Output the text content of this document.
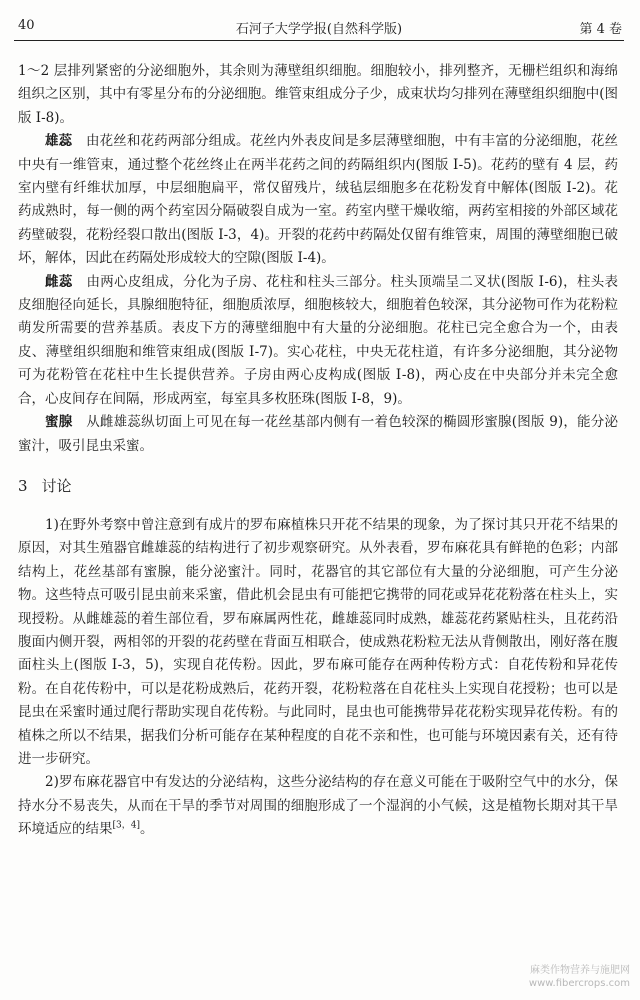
40	石河子大学学报(自然科学版)	第 4 卷

1～2 层排列紧密的分泌细胞外，其余则为薄壁组织细胞。细胞较小，排列整齐，无栅栏组织和海绵组织之区别，其中有零星分布的分泌细胞。维管束组成分子少，成束状均匀排列在薄壁组织细胞中(图版 Ⅰ-8)。

雄蕊　由花丝和花药两部分组成。花丝内外表皮间是多层薄壁细胞，中有丰富的分泌细胞，花丝中央有一维管束，通过整个花丝终止在两半花药之间的药隔组织内(图版 Ⅰ-5)。花药的壁有 4 层，药室内壁有纤维状加厚，中层细胞扁平，常仅留残片，绒毡层细胞多在花粉发育中解体(图版 Ⅰ-2)。花药成熟时，每一侧的两个药室因分隔破裂自成为一室。药室内壁干燥收缩，两药室相接的外部区域花药壁破裂，花粉经裂口散出(图版 Ⅰ-3，4)。开裂的花药中药隔处仅留有维管束，周围的薄壁细胞已破坏，解体，因此在药隔处形成较大的空隙(图版 Ⅰ-4)。

雌蕊　由两心皮组成，分化为子房、花柱和柱头三部分。柱头顶端呈二叉状(图版 Ⅰ-6)，柱头表皮细胞径向延长，具腺细胞特征，细胞质浓厚，细胞核较大，细胞着色较深，其分泌物可作为花粉粒萌发所需要的营养基质。表皮下方的薄壁细胞中有大量的分泌细胞。花柱已完全愈合为一个，由表皮、薄壁组织细胞和维管束组成(图版 Ⅰ-7)。实心花柱，中央无花柱道，有许多分泌细胞，其分泌物可为花粉管在花柱中生长提供营养。子房由两心皮构成(图版 Ⅰ-8)，两心皮在中央部分并未完全愈合，心皮间存在间隔，形成两室，每室具多枚胚珠(图版 Ⅰ-8，9)。

蜜腺　从雌雄蕊纵切面上可见在每一花丝基部内侧有一着色较深的椭圆形蜜腺(图版 9)，能分泌蜜汁，吸引昆虫采蜜。

3 讨论

1)在野外考察中曾注意到有成片的罗布麻植株只开花不结果的现象，为了探讨其只开花不结果的原因，对其生殖器官雌雄蕊的结构进行了初步观察研究。从外表看，罗布麻花具有鲜艳的色彩；内部结构上，花丝基部有蜜腺，能分泌蜜汁。同时，花器官的其它部位有大量的分泌细胞，可产生分泌物。这些特点可吸引昆虫前来采蜜，借此机会昆虫有可能把它携带的同花或异花花粉落在柱头上，实现授粉。从雌雄蕊的着生部位看，罗布麻属两性花，雌雄蕊同时成熟，雄蕊花药紧贴柱头，且花药沿腹面内侧开裂，两相邻的开裂的花药壁在背面互相联合，使成熟花粉粒无法从背侧散出，刚好落在腹面柱头上(图版 Ⅰ-3，5)，实现自花传粉。因此，罗布麻可能存在两种传粉方式：自花传粉和异花传粉。在自花传粉中，可以是花粉成熟后，花药开裂，花粉粒落在自花柱头上实现自花授粉；也可以是昆虫在采蜜时通过爬行帮助实现自花传粉。与此同时，昆虫也可能携带异花花粉实现异花传粉。有的植株之所以不结果，据我们分析可能存在某种程度的自花不亲和性，也可能与环境因素有关，还有待进一步研究。

2)罗布麻花器官中有发达的分泌结构，这些分泌结构的存在意义可能在于吸附空气中的水分，保持水分不易丧失，从而在干旱的季节对周围的细胞形成了一个湿润的小气候，这是植物长期对其干旱环境适应的结果[3，4]。

麻类作物营养与施肥网
www.fibercrops.com
